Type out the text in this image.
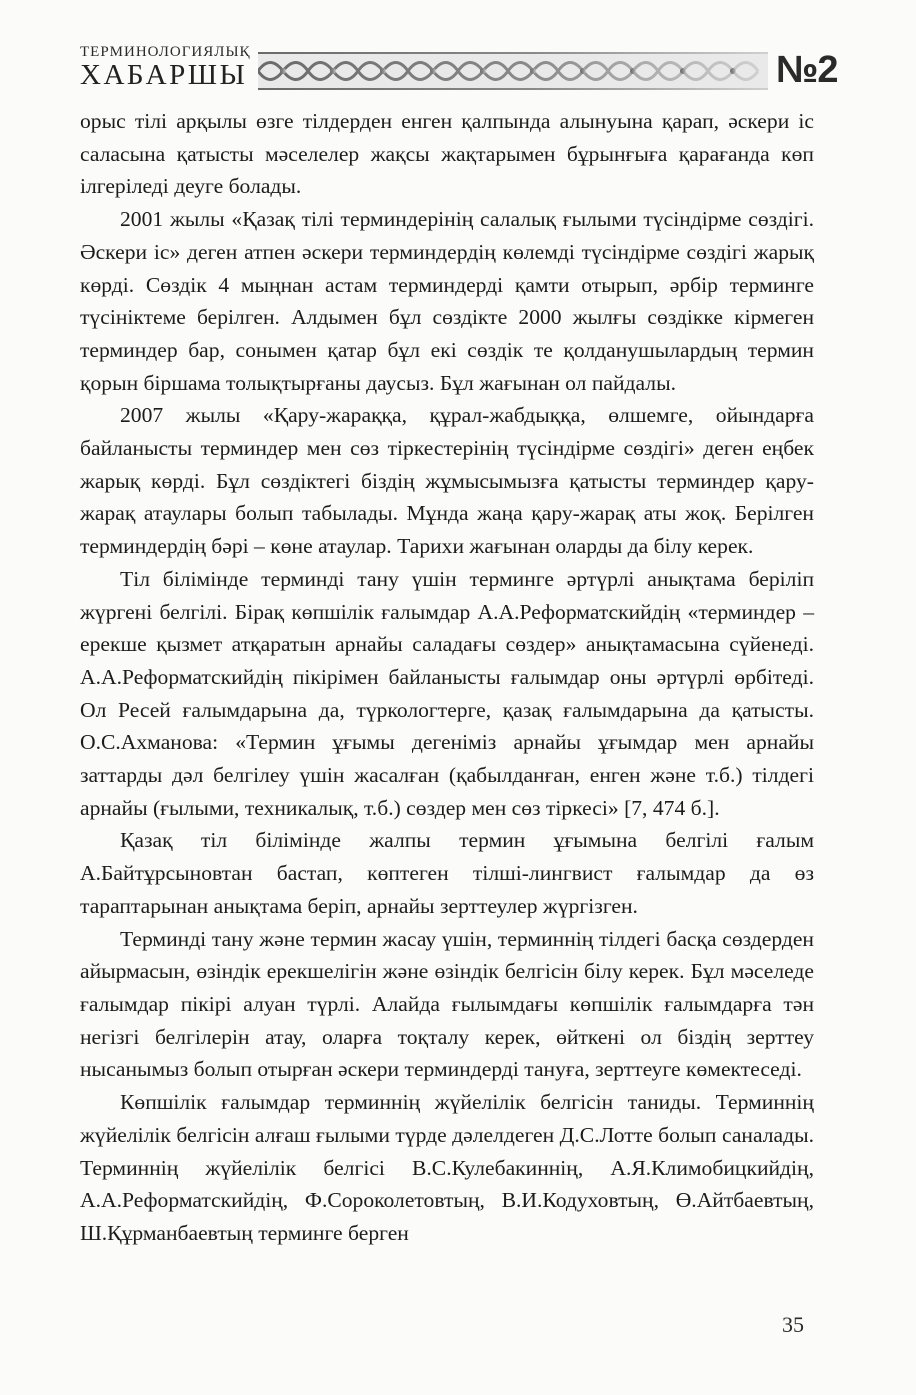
ТЕРМИНОЛОГИЯЛЫҚ
ХАБАРШЫ	№2

орыс тілі арқылы өзге тілдерден енген қалпында алынуына қарап, әскери іс саласына қатысты мәселелер жақсы жақтарымен бұрынғыға қарағанда көп ілгеріледі деуге болады.

2001 жылы «Қазақ тілі терминдерінің салалық ғылыми түсіндірме сөздігі. Әскери іс» деген атпен әскери терминдердің көлемді түсіндірме сөздігі жарық көрді. Сөздік 4 мыңнан астам терминдерді қамти отырып, әрбір терминге түсініктеме берілген. Алдымен бұл сөздікте 2000 жылғы сөздікке кірмеген терминдер бар, сонымен қатар бұл екі сөздік те қолданушылардың термин қорын біршама толықтырғаны даусыз. Бұл жағынан ол пайдалы.

2007 жылы «Қару-жараққа, құрал-жабдыққа, өлшемге, ойындарға байланысты терминдер мен сөз тіркестерінің түсіндірме сөздігі» деген еңбек жарық көрді. Бұл сөздіктегі біздің жұмысымызға қатысты терминдер қару-жарақ атаулары болып табылады. Мұнда жаңа қару-жарақ аты жоқ. Берілген терминдердің бәрі – көне атаулар. Тарихи жағынан оларды да білу керек.

Тіл білімінде терминді тану үшін терминге әртүрлі анықтама беріліп жүргені белгілі. Бірақ көпшілік ғалымдар А.А.Реформатскийдің «терминдер – ерекше қызмет атқаратын арнайы саладағы сөздер» анықтамасына сүйенеді. А.А.Реформатскийдің пікірімен байланысты ғалымдар оны әртүрлі өрбітеді. Ол Ресей ғалымдарына да, түркологтерге, қазақ ғалымдарына да қатысты. О.С.Ахманова: «Термин ұғымы дегеніміз арнайы ұғымдар мен арнайы заттарды дәл белгілеу үшін жасалған (қабылданған, енген және т.б.) тілдегі арнайы (ғылыми, техникалық, т.б.) сөздер мен сөз тіркесі» [7, 474 б.].

Қазақ тіл білімінде жалпы термин ұғымына белгілі ғалым А.Байтұрсыновтан бастап, көптеген тілші-лингвист ғалымдар да өз тараптарынан анықтама беріп, арнайы зерттеулер жүргізген.

Терминді тану және термин жасау үшін, терминнің тілдегі басқа сөздерден айырмасын, өзіндік ерекшелігін және өзіндік белгісін білу керек. Бұл мәселеде ғалымдар пікірі алуан түрлі. Алайда ғылымдағы көпшілік ғалымдарға тән негізгі белгілерін атау, оларға тоқталу керек, өйткені ол біздің зерттеу нысанымыз болып отырған әскери терминдерді тануға, зерттеуге көмектеседі.

Көпшілік ғалымдар терминнің жүйелілік белгісін таниды. Терминнің жүйелілік белгісін алғаш ғылыми түрде дәлелдеген Д.С.Лотте болып саналады. Терминнің жүйелілік белгісі В.С.Кулебакиннің, А.Я.Климобицкийдің, А.А.Реформатскийдің, Ф.Сороколетовтың, В.И.Кодуховтың, Ө.Айтбаевтың, Ш.Құрманбаевтың терминге берген

35
